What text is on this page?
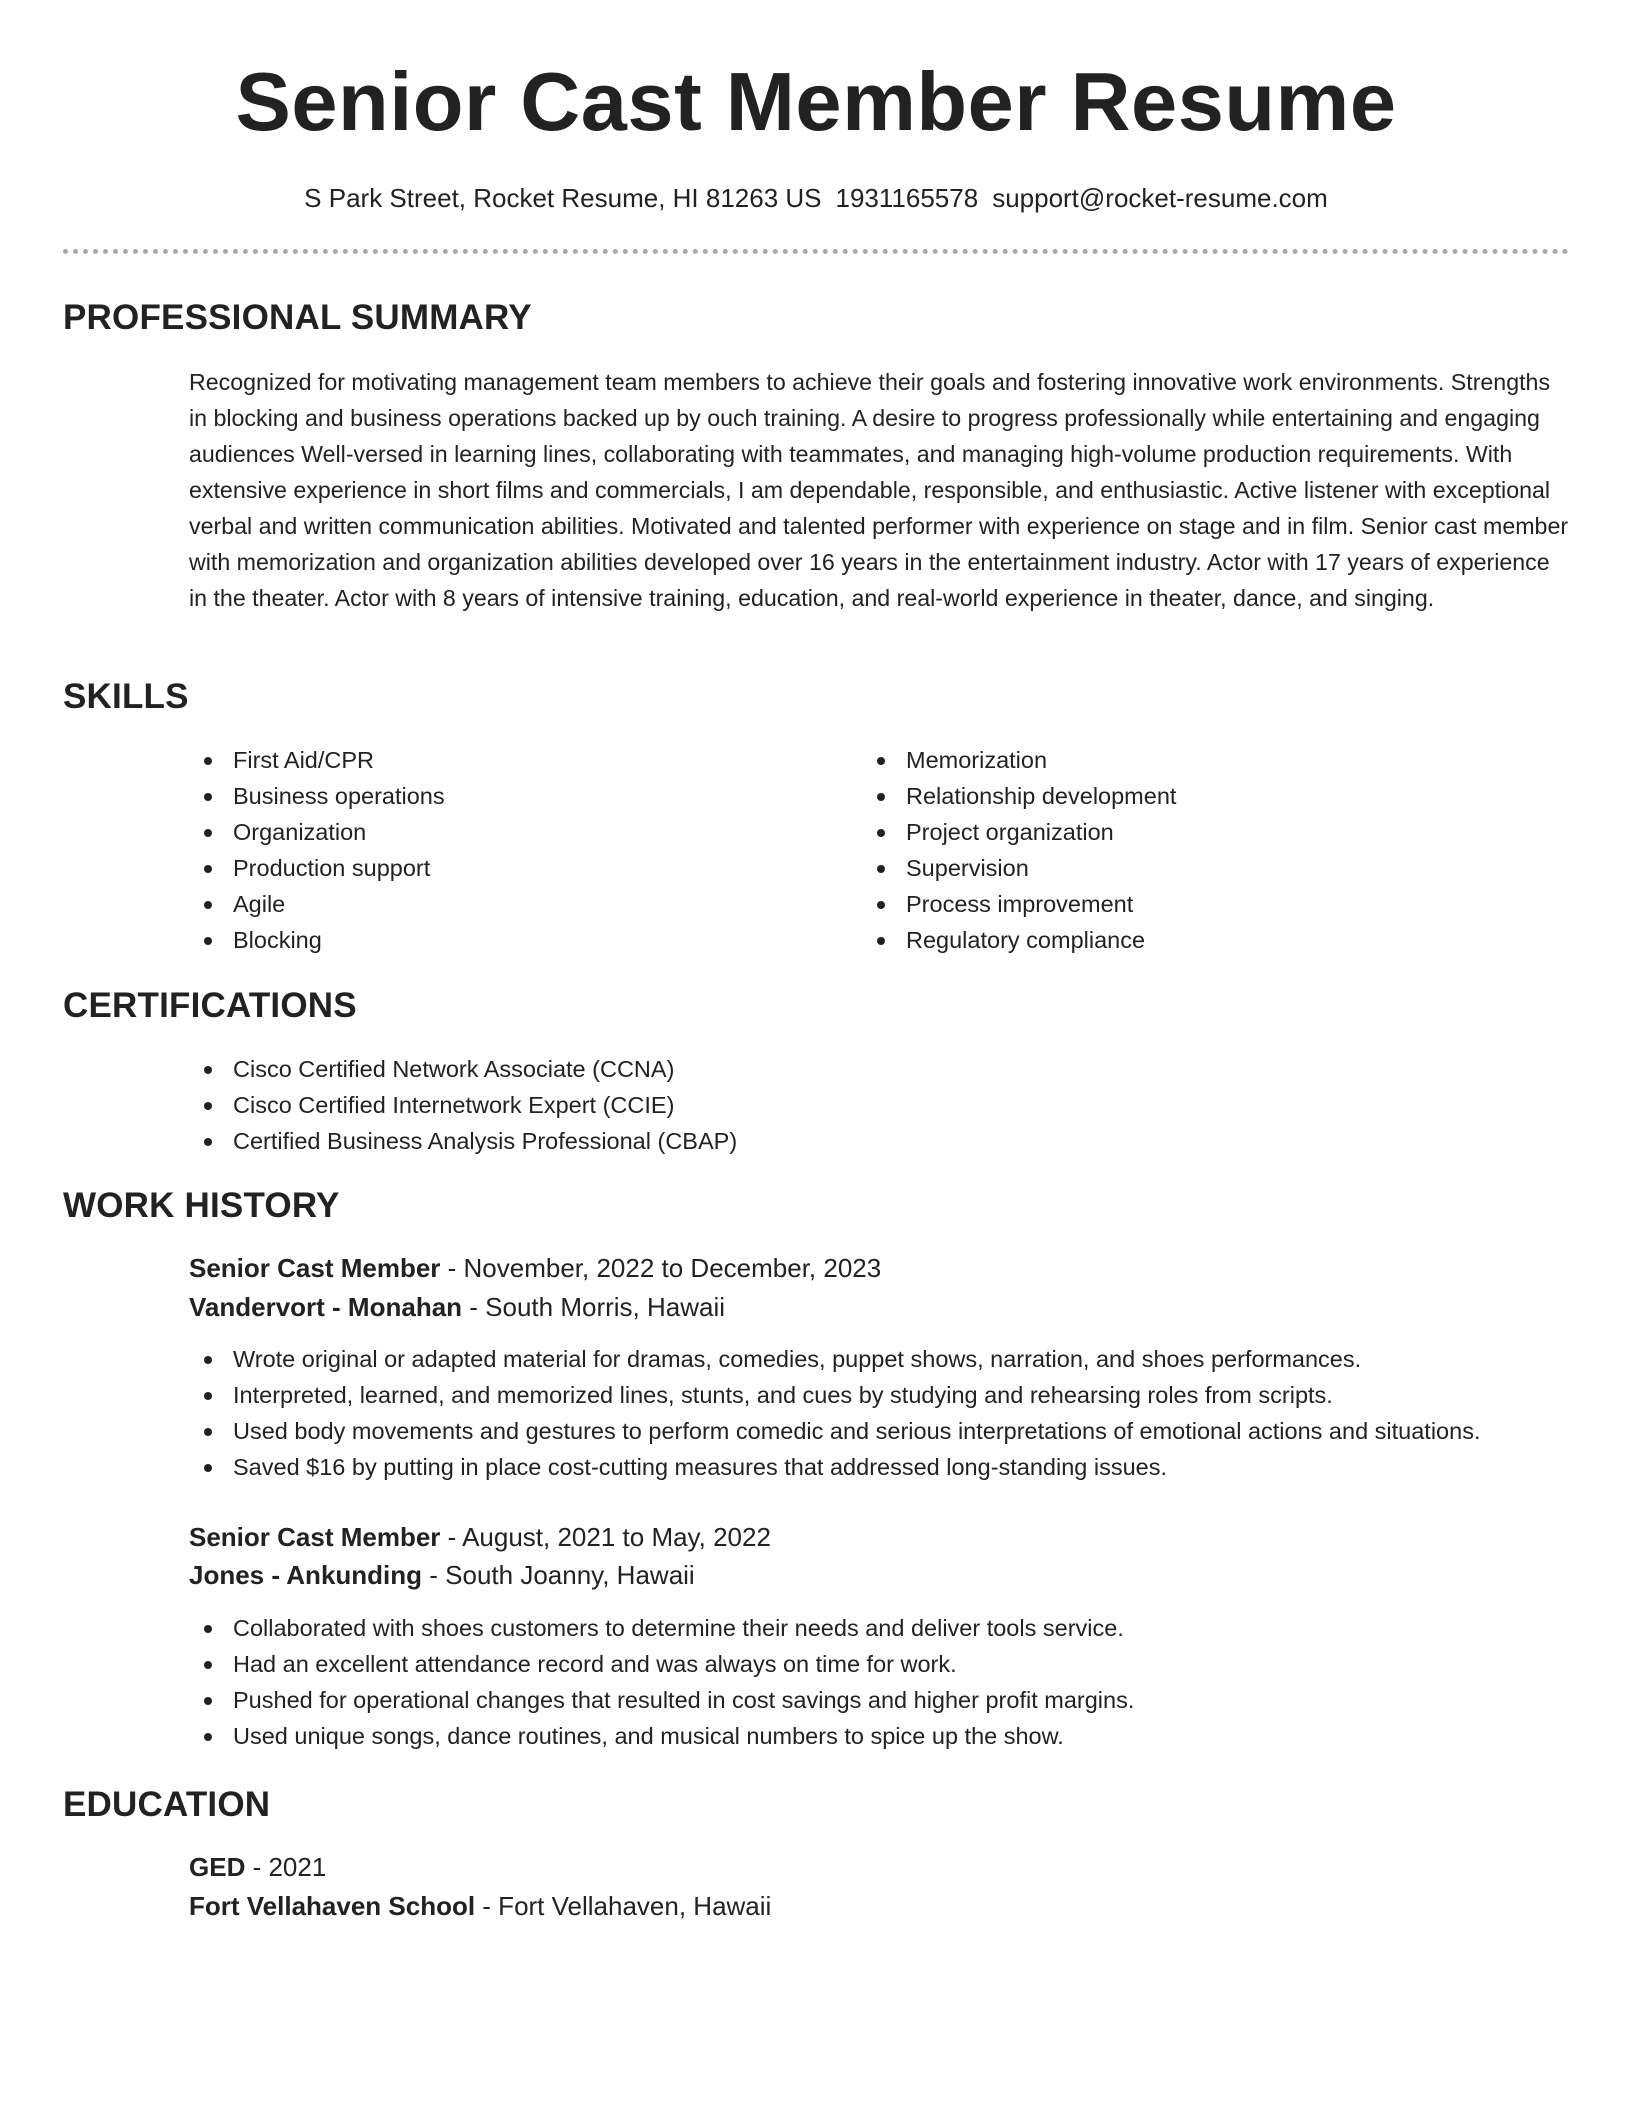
Senior Cast Member Resume
S Park Street, Rocket Resume, HI 81263 US 1931165578 support@rocket-resume.com
PROFESSIONAL SUMMARY

Recognized for motivating management team members to achieve their goals and fostering innovative work environments. Strengths in blocking and business operations backed up by ouch training. A desire to progress professionally while entertaining and engaging audiences Well-versed in learning lines, collaborating with teammates, and managing high-volume production requirements. With extensive experience in short films and commercials, I am dependable, responsible, and enthusiastic. Active listener with exceptional verbal and written communication abilities. Motivated and talented performer with experience on stage and in film. Senior cast member with memorization and organization abilities developed over 16 years in the entertainment industry. Actor with 17 years of experience in the theater. Actor with 8 years of intensive training, education, and real-world experience in theater, dance, and singing.

SKILLS
First Aid/CPR
Business operations
Organization
Production support
Agile
Blocking
Memorization
Relationship development
Project organization
Supervision
Process improvement
Regulatory compliance
CERTIFICATIONS
Cisco Certified Network Associate (CCNA)
Cisco Certified Internetwork Expert (CCIE)
Certified Business Analysis Professional (CBAP)
WORK HISTORY
Senior Cast Member - November, 2022 to December, 2023
Vandervort - Monahan - South Morris, Hawaii
Wrote original or adapted material for dramas, comedies, puppet shows, narration, and shoes performances.
Interpreted, learned, and memorized lines, stunts, and cues by studying and rehearsing roles from scripts.
Used body movements and gestures to perform comedic and serious interpretations of emotional actions and situations.
Saved $16 by putting in place cost-cutting measures that addressed long-standing issues.
Senior Cast Member - August, 2021 to May, 2022
Jones - Ankunding - South Joanny, Hawaii
Collaborated with shoes customers to determine their needs and deliver tools service.
Had an excellent attendance record and was always on time for work.
Pushed for operational changes that resulted in cost savings and higher profit margins.
Used unique songs, dance routines, and musical numbers to spice up the show.
EDUCATION
GED - 2021
Fort Vellahaven School - Fort Vellahaven, Hawaii
